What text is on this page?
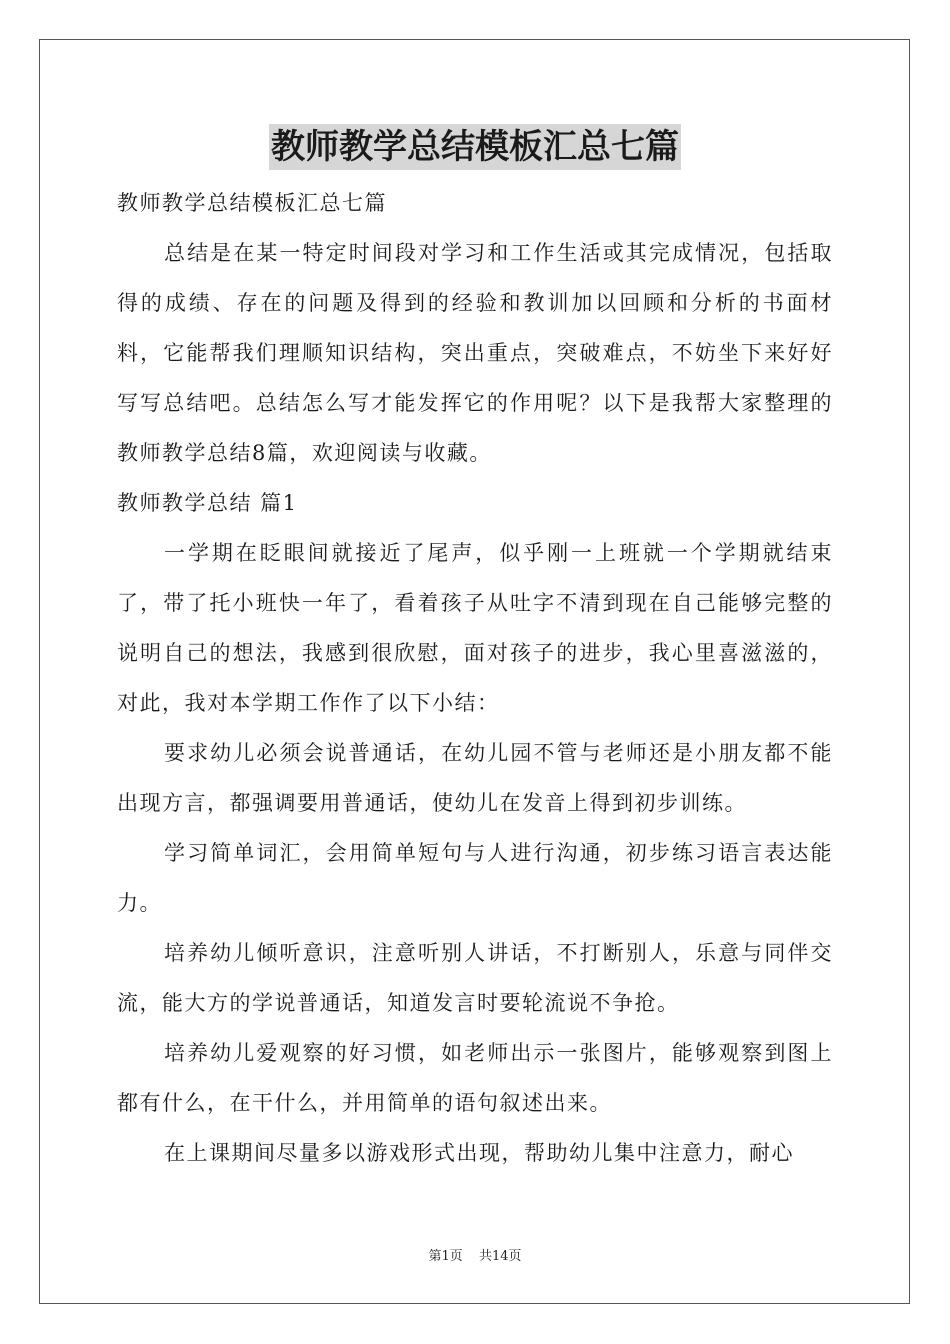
教师教学总结模板汇总七篇

教师教学总结模板汇总七篇

总结是在某一特定时间段对学习和工作生活或其完成情况，包括取得的成绩、存在的问题及得到的经验和教训加以回顾和分析的书面材料，它能帮我们理顺知识结构，突出重点，突破难点，不妨坐下来好好写写总结吧。总结怎么写才能发挥它的作用呢？以下是我帮大家整理的教师教学总结8篇，欢迎阅读与收藏。

教师教学总结 篇1

一学期在眨眼间就接近了尾声，似乎刚一上班就一个学期就结束了，带了托小班快一年了，看着孩子从吐字不清到现在自己能够完整的说明自己的想法，我感到很欣慰，面对孩子的进步，我心里喜滋滋的，对此，我对本学期工作作了以下小结：

要求幼儿必须会说普通话，在幼儿园不管与老师还是小朋友都不能出现方言，都强调要用普通话，使幼儿在发音上得到初步训练。

学习简单词汇，会用简单短句与人进行沟通，初步练习语言表达能力。

培养幼儿倾听意识，注意听别人讲话，不打断别人，乐意与同伴交流，能大方的学说普通话，知道发言时要轮流说不争抢。

培养幼儿爱观察的好习惯，如老师出示一张图片，能够观察到图上都有什么，在干什么，并用简单的语句叙述出来。

在上课期间尽量多以游戏形式出现，帮助幼儿集中注意力，耐心

第1页 共14页
